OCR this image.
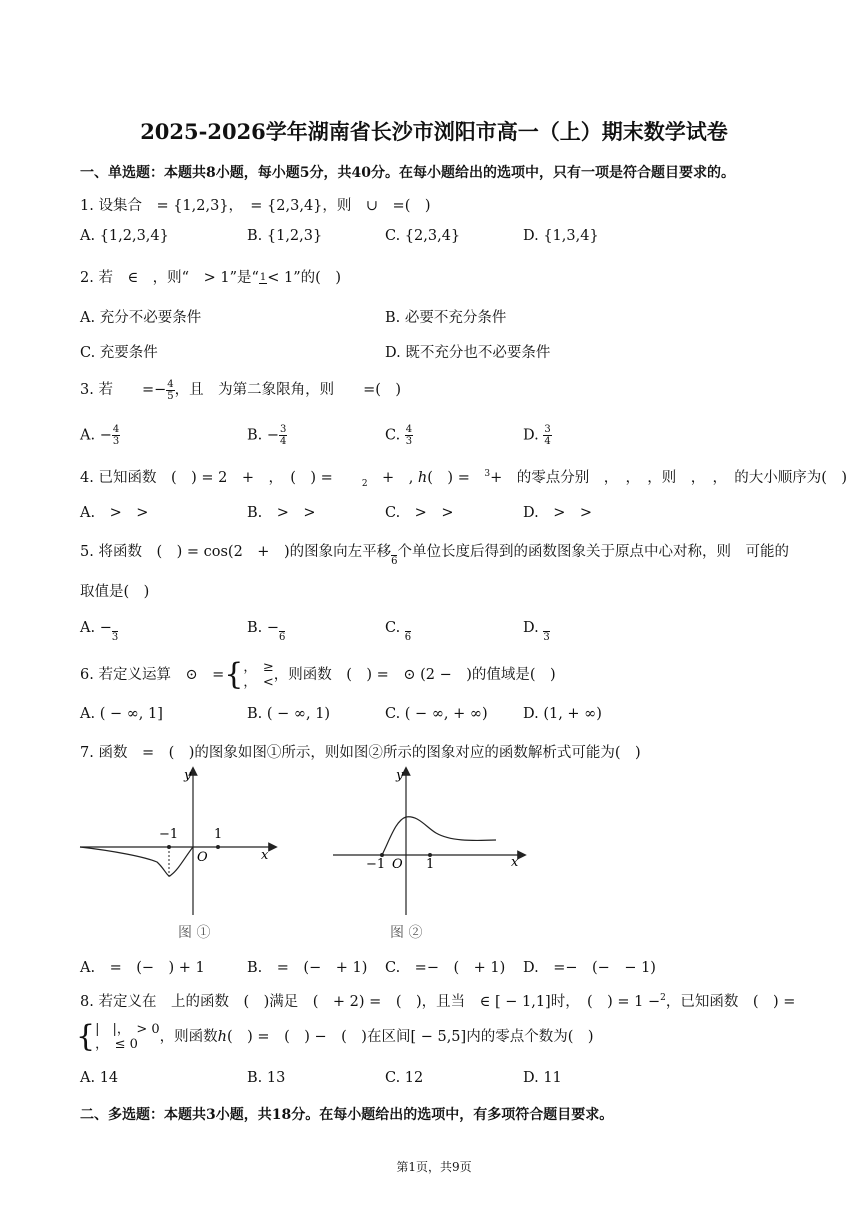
2025-2026学年湖南省长沙市浏阳市高一（上）期末数学试卷
一、单选题：本题共8小题，每小题5分，共40分。在每小题给出的选项中，只有一项是符合题目要求的。
1. 设集合　= {1,2,3}，　= {2,3,4}，则　∪　=(　)
A. {1,2,3,4}	B. {1,2,3}	C. {2,3,4}	D. {1,3,4}
2. 若　∈　，则“　> 1”是“ 1 < 1”的(　)
A. 充分不必要条件	B. 必要不充分条件
C. 充要条件	D. 既不充分也不必要条件
3. 若　　=− $\frac{4}{5}$ ，且　为第二象限角，则　　=(　)
A. − $\frac{4}{3}$	B. − $\frac{3}{4}$	C. $\frac{4}{3}$	D. $\frac{3}{4}$
4. 已知函数　(　) = 2　+　，　(　) =　　$_2$　+　, ℎ(　) =　$^3$+　的零点分别　，　，　，则　，　，　的大小顺序为(　)
A.　>　>	B.　>　>	C.　>　>	D.　>　>
5. 将函数　(　) = cos(2　+　)的图象向左平移
6
个单位长度后得到的函数图象关于原点中心对称，则　可能的
取值是(　)
A. −
3
B. −
6
C.
6
D.
3
6. 若定义运算　⊙　={ ，　≥
，　< ，则函数　(　) =　⊙ (2 −　)的值域是(　)
A. ( − ∞, 1]	B. ( − ∞, 1)	C. ( − ∞, + ∞) D. (1, + ∞)
7. 函数　=　(　)的图象如图①所示，则如图②所示的图象对应的函数解析式可能为(　)
y
x
O
−1	1
图 ①
y
x
O
−1	1
图 ②
A.　=　(−　) + 1	B.　=　(−　+ 1) C.　=−　(　+ 1) D.　=−　(−　− 1)
8. 若定义在　上的函数　(　)满足　(　+ 2) =　(　)，且当　∈ [ − 1,1]时，　(　) = 1 −$^2$，已知函数　(　) =
{ |　|，　> 0
，　≤ 0	，则函数ℎ(　) =　(　) −　(　)在区间[ − 5,5]内的零点个数为(　)
A. 14	B. 13	C. 12	D. 11
二、多选题：本题共3小题，共18分。在每小题给出的选项中，有多项符合题目要求。
第1页，共9页
